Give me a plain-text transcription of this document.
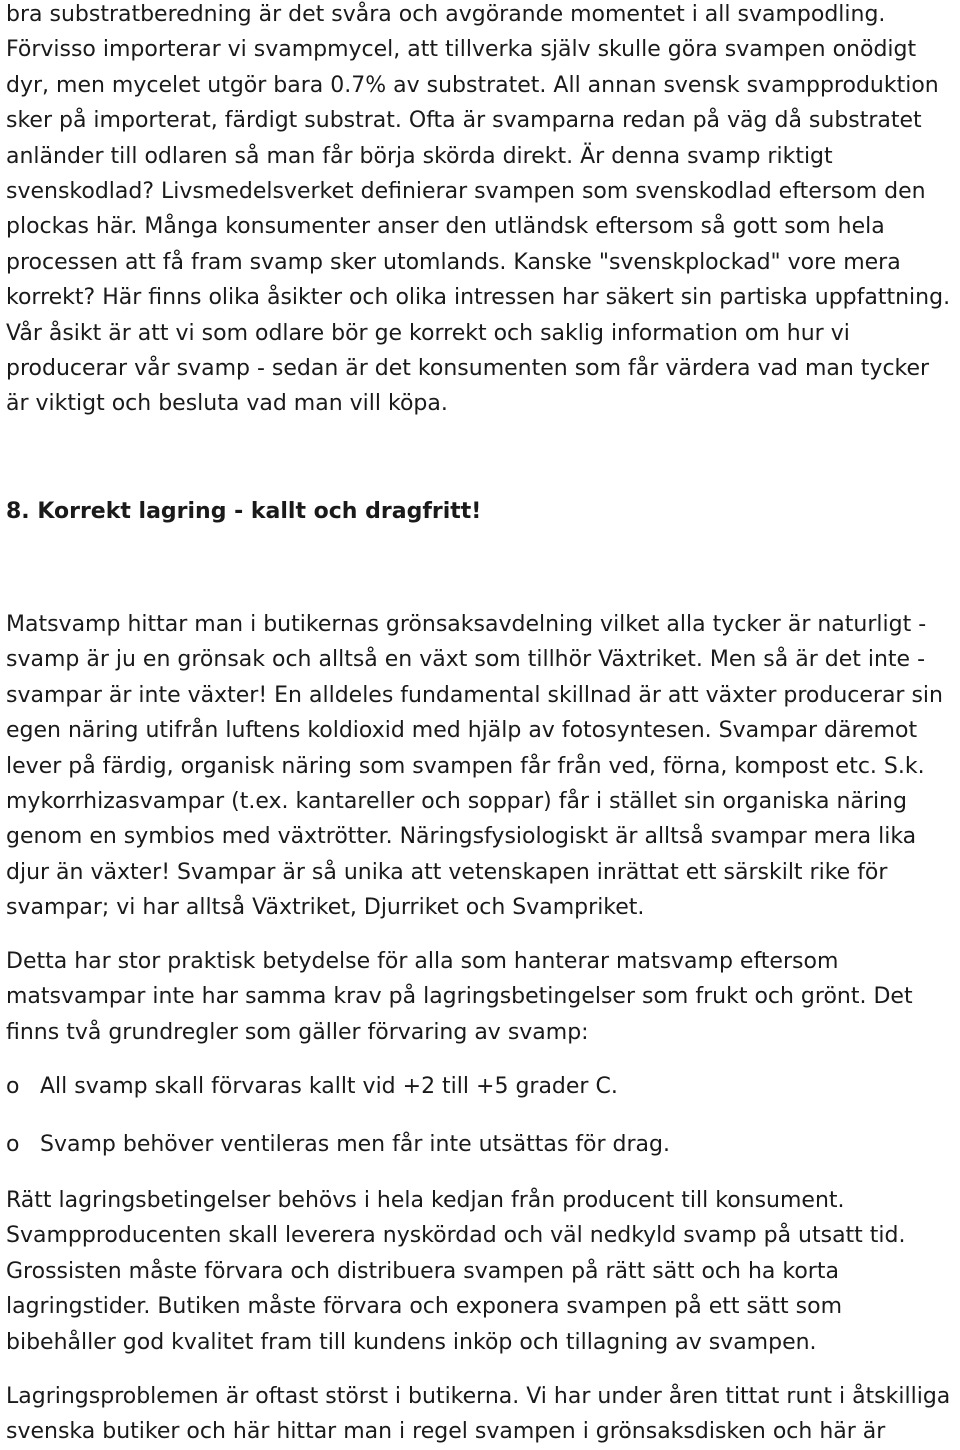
bra substratberedning är det svåra och avgörande momentet i all svampodling.
Förvisso importerar vi svampmycel, att tillverka själv skulle göra svampen onödigt
dyr, men mycelet utgör bara 0.7% av substratet. All annan svensk svampproduktion
sker på importerat, färdigt substrat. Ofta är svamparna redan på väg då substratet
anländer till odlaren så man får börja skörda direkt. Är denna svamp riktigt
svenskodlad? Livsmedelsverket definierar svampen som svenskodlad eftersom den
plockas här. Många konsumenter anser den utländsk eftersom så gott som hela
processen att få fram svamp sker utomlands. Kanske "svenskplockad" vore mera
korrekt? Här finns olika åsikter och olika intressen har säkert sin partiska uppfattning.
Vår åsikt är att vi som odlare bör ge korrekt och saklig information om hur vi
producerar vår svamp - sedan är det konsumenten som får värdera vad man tycker
är viktigt och besluta vad man vill köpa.

8. Korrekt lagring - kallt och dragfritt!

Matsvamp hittar man i butikernas grönsaksavdelning vilket alla tycker är naturligt -
svamp är ju en grönsak och alltså en växt som tillhör Växtriket. Men så är det inte -
svampar är inte växter! En alldeles fundamental skillnad är att växter producerar sin
egen näring utifrån luftens koldioxid med hjälp av fotosyntesen. Svampar däremot
lever på färdig, organisk näring som svampen får från ved, förna, kompost etc. S.k.
mykorrhizasvampar (t.ex. kantareller och soppar) får i stället sin organiska näring
genom en symbios med växtrötter. Näringsfysiologiskt är alltså svampar mera lika
djur än växter! Svampar är så unika att vetenskapen inrättat ett särskilt rike för
svampar; vi har alltså Växtriket, Djurriket och Svampriket.

Detta har stor praktisk betydelse för alla som hanterar matsvamp eftersom
matsvampar inte har samma krav på lagringsbetingelser som frukt och grönt. Det
finns två grundregler som gäller förvaring av svamp:

o All svamp skall förvaras kallt vid +2 till +5 grader C.
o Svamp behöver ventileras men får inte utsättas för drag.

Rätt lagringsbetingelser behövs i hela kedjan från producent till konsument.
Svampproducenten skall leverera nyskördad och väl nedkyld svamp på utsatt tid.
Grossisten måste förvara och distribuera svampen på rätt sätt och ha korta
lagringstider. Butiken måste förvara och exponera svampen på ett sätt som
bibehåller god kvalitet fram till kundens inköp och tillagning av svampen.

Lagringsproblemen är oftast störst i butikerna. Vi har under åren tittat runt i åtskilliga
svenska butiker och här hittar man i regel svampen i grönsaksdisken och här är
